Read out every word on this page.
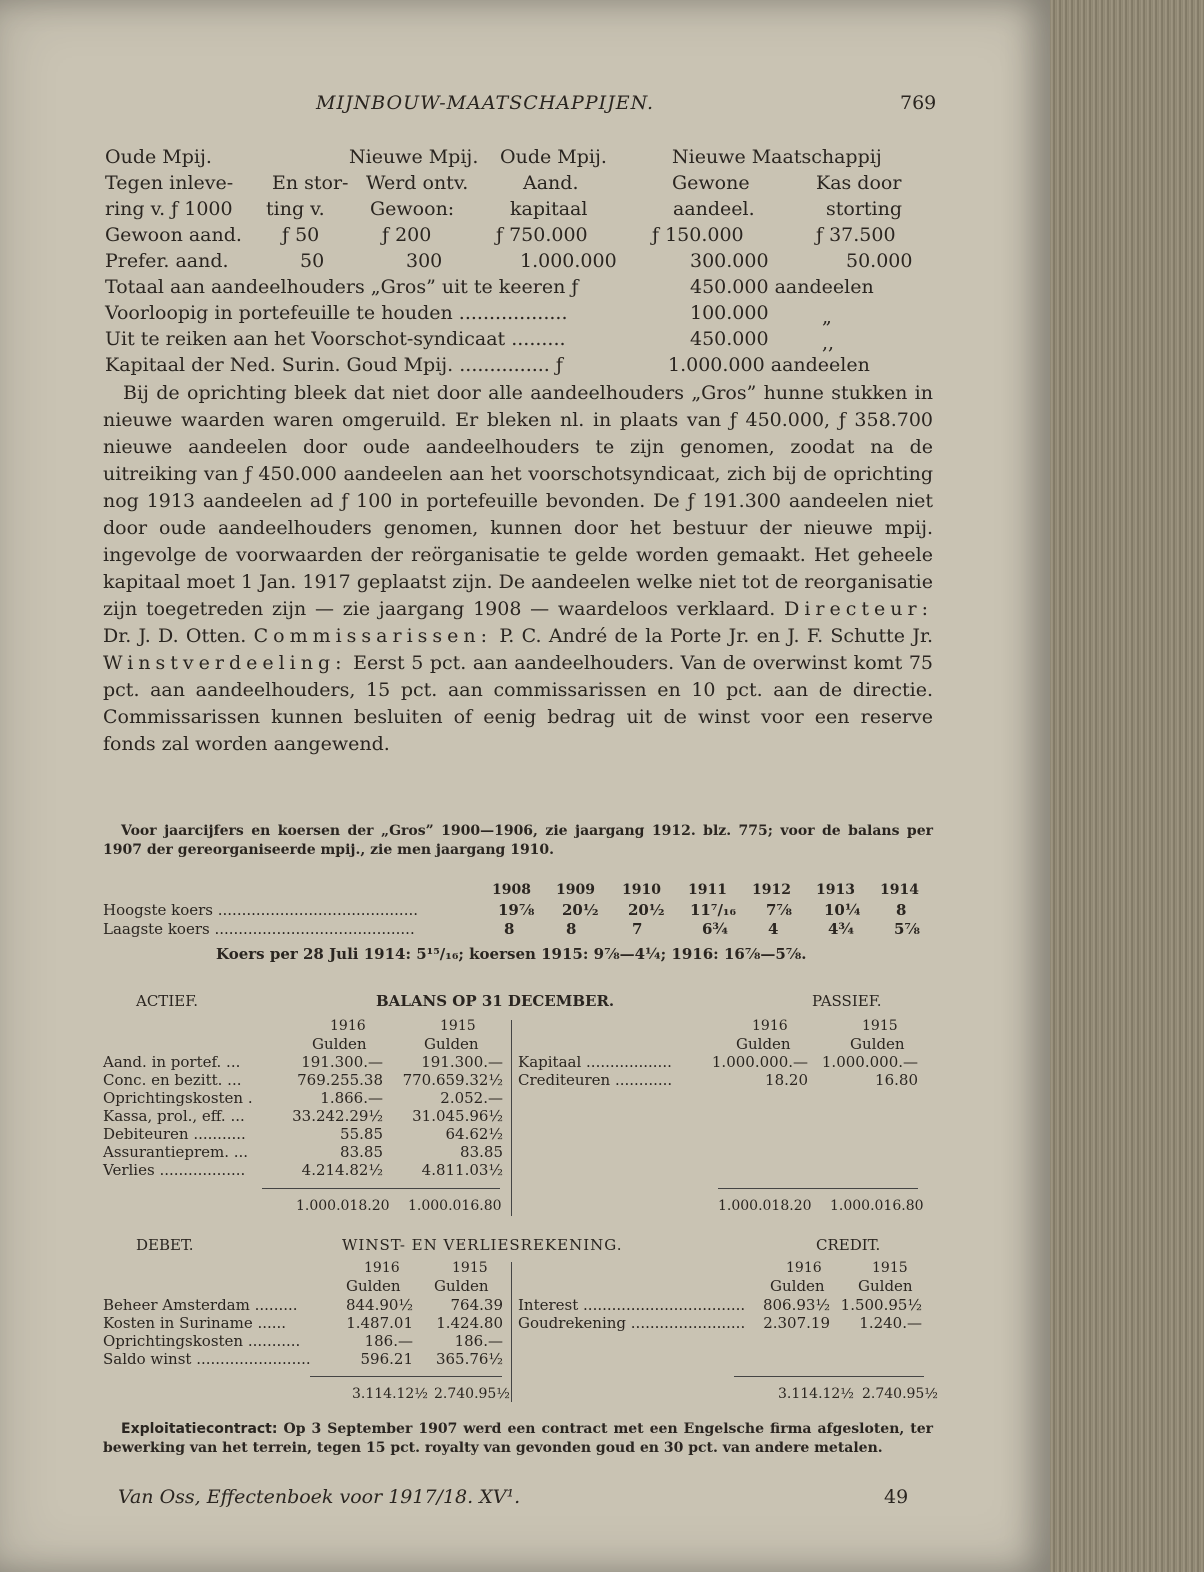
MIJNBOUW-MAATSCHAPPIJEN.	769
Oude Mpij.	Nieuwe Mpij. Oude Mpij.	Nieuwe Maatschappij
Tegen inleve- En stor- Werd ontv.	Aand.	Gewone	Kas door
ring v. ƒ 1000 ting v. Gewoon:	kapitaal	aandeel.	storting
Gewoon aand. ƒ 50	ƒ 200	ƒ 750.000	ƒ 150.000	ƒ 37.500
Prefer. aand.	50	300	1.000.000	300.000	50.000
Totaal aan aandeelhouders „Gros” uit te keeren ƒ	450.000 aandeelen
Voorloopig in portefeuille te houden ..................	100.000	„
Uit te reiken aan het Voorschot-syndicaat .........	450.000	,,
Kapitaal der Ned. Surin. Goud Mpij. ............... ƒ	1.000.000 aandeelen
Bij de oprichting bleek dat niet door alle aandeelhouders „Gros” hunne stukken in nieuwe waarden waren omgeruild. Er bleken nl. in plaats van ƒ 450.000, ƒ 358.700 nieuwe aandeelen door oude aandeelhouders te zijn genomen, zoodat na de uitreiking van ƒ 450.000 aandeelen aan het voorschotsyndicaat, zich bij de oprichting nog 1913 aandeelen ad ƒ 100 in portefeuille bevonden. De ƒ 191.300 aandeelen niet door oude aandeelhouders genomen, kunnen door het bestuur der nieuwe mpij. ingevolge de voorwaarden der reörganisatie te gelde worden gemaakt. Het geheele kapitaal moet 1 Jan. 1917 geplaatst zijn. De aandeelen welke niet tot de reorganisatie zijn toegetreden zijn — zie jaargang 1908 — waardeloos verklaard. Directeur: Dr. J. D. Otten. Commissarissen: P. C. André de la Porte Jr. en J. F. Schutte Jr. Winstverdeeling: Eerst 5 pct. aan aandeelhouders. Van de overwinst komt 75 pct. aan aandeelhouders, 15 pct. aan commissarissen en 10 pct. aan de directie. Commissarissen kunnen besluiten of eenig bedrag uit de winst voor een reserve fonds zal worden aangewend.
Voor jaarcijfers en koersen der „Gros” 1900—1906, zie jaargang 1912. blz. 775; voor de balans per 1907 der gereorganiseerde mpij., zie men jaargang 1910.
1908 1909 1910 1911 1912 1913 1914
Hoogste koers ..........................................	19⅞ 20½ 20½ 11⁷/₁₆ 7⅞ 10¼ 8
Laagste koers ..........................................	8	8	7	6¾	4	4¾	5⅞
Koers per 28 Juli 1914: 5¹⁵/₁₆; koersen 1915: 9⅞—4¼; 1916: 16⅞—5⅞.
ACTIEF.	BALANS OP 31 DECEMBER.	PASSIEF.
1916	1915	1916	1915
Gulden	Gulden	Gulden	Gulden
Aand. in portef. ...	191.300.—	191.300.—
Conc. en bezitt. ...	769.255.38 770.659.32½
Oprichtingskosten .	1.866.—	2.052.—
Kassa, prol., eff. ...	33.242.29½ 31.045.96½
Debiteuren ...........	55.85	64.62½
Assurantieprem. ...	83.85	83.85
Verlies ..................	4.214.82½	4.811.03½
1.000.018.20 1.000.016.80
Kapitaal ..................	1.000.000.— 1.000.000.—
Crediteuren ............	18.20	16.80
1.000.018.20 1.000.016.80
DEBET.	WINST- EN VERLIESREKENING.	CREDIT.
1916	1915	1916	1915
Gulden Gulden	Gulden Gulden
Beheer Amsterdam .........	844.90½	764.39
Kosten in Suriname ......	1.487.01 1.424.80
Oprichtingskosten ...........	186.—	186.—
Saldo winst ........................	596.21 365.76½
3.114.12½ 2.740.95½
Interest .................................. 806.93½ 1.500.95½
Goudrekening ........................ 2.307.19 1.240.—
3.114.12½ 2.740.95½
Exploitatiecontract: Op 3 September 1907 werd een contract met een Engelsche firma afgesloten, ter bewerking van het terrein, tegen 15 pct. royalty van gevonden goud en 30 pct. van andere metalen.
Van Oss, Effectenboek voor 1917/18. XV¹.	49
